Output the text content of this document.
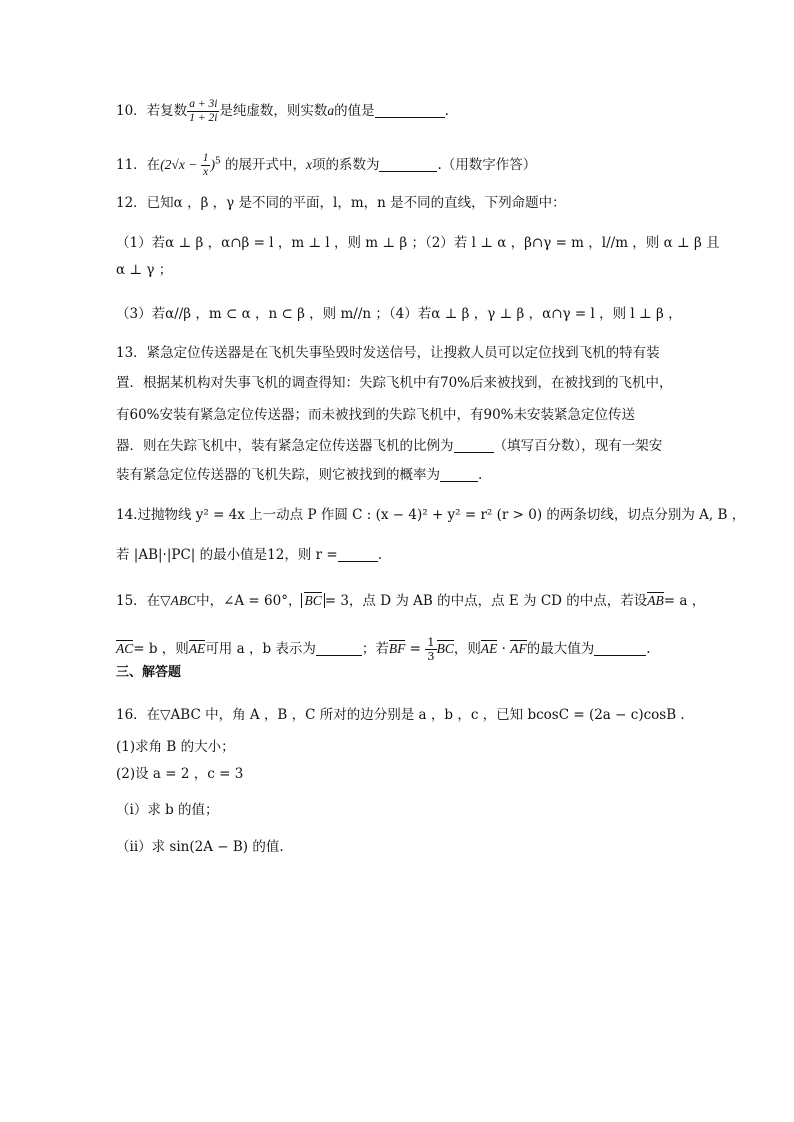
10．若复数 $\frac{a + 3i}{1 + 2i}$ 是纯虚数，则实数a的值是	.
11．在$(2√x - \frac{1}{x} )^5$ 的展开式中，x项的系数为	.（用数字作答）
12．已知α ，β ，γ 是不同的平面，l，m，n 是不同的直线，下列命题中：
（1）若α ⊥ β ，α∩β = l ，m ⊥ l ，则 m ⊥ β ；（2）若 l ⊥ α ，β∩γ = m ，l//m ，则 α ⊥ β 且
α ⊥ γ ；
（3）若α//β ，m ⊂ α ，n ⊂ β ，则 m//n ；（4）若α ⊥ β ，γ ⊥ β ，α∩γ = l ，则 l ⊥ β ，
13．紧急定位传送器是在飞机失事坠毁时发送信号，让搜救人员可以定位找到飞机的特有装
置．根据某机构对失事飞机的调查得知：失踪飞机中有70%后来被找到，在被找到的飞机中，
有60%安装有紧急定位传送器；而未被找到的失踪飞机中，有90%未安装紧急定位传送
器．则在失踪飞机中，装有紧急定位传送器飞机的比例为	（填写百分数），现有一架安
装有紧急定位传送器的飞机失踪，则它被找到的概率为	.
14.过抛物线 y² = 4x 上一动点 P 作圆 C : (x − 4)² + y² = r² (r > 0) 的两条切线，切点分别为 A, B ，
若 |AB|·|PC| 的最小值是12，则 r =	.
15．在▽ABC中，∠A = 60°， BC = 3，点 D 为 AB 的中点，点 E 为 CD 的中点，若设AB= a ，
AC= b ，则AE可用 a ，b 表示为	；若BF = $\frac{1}{3}$ BC，则AE · AF的最大值为	.
三、解答题
16．在▽ABC 中，角 A ，B ，C 所对的边分别是 a ，b ，c ，已知 bcosC = (2a − c)cosB .
(1)求角 B 的大小；
(2)设 a = 2 ，c = 3
（i）求 b 的值；
（ii）求 sin(2A − B) 的值.
